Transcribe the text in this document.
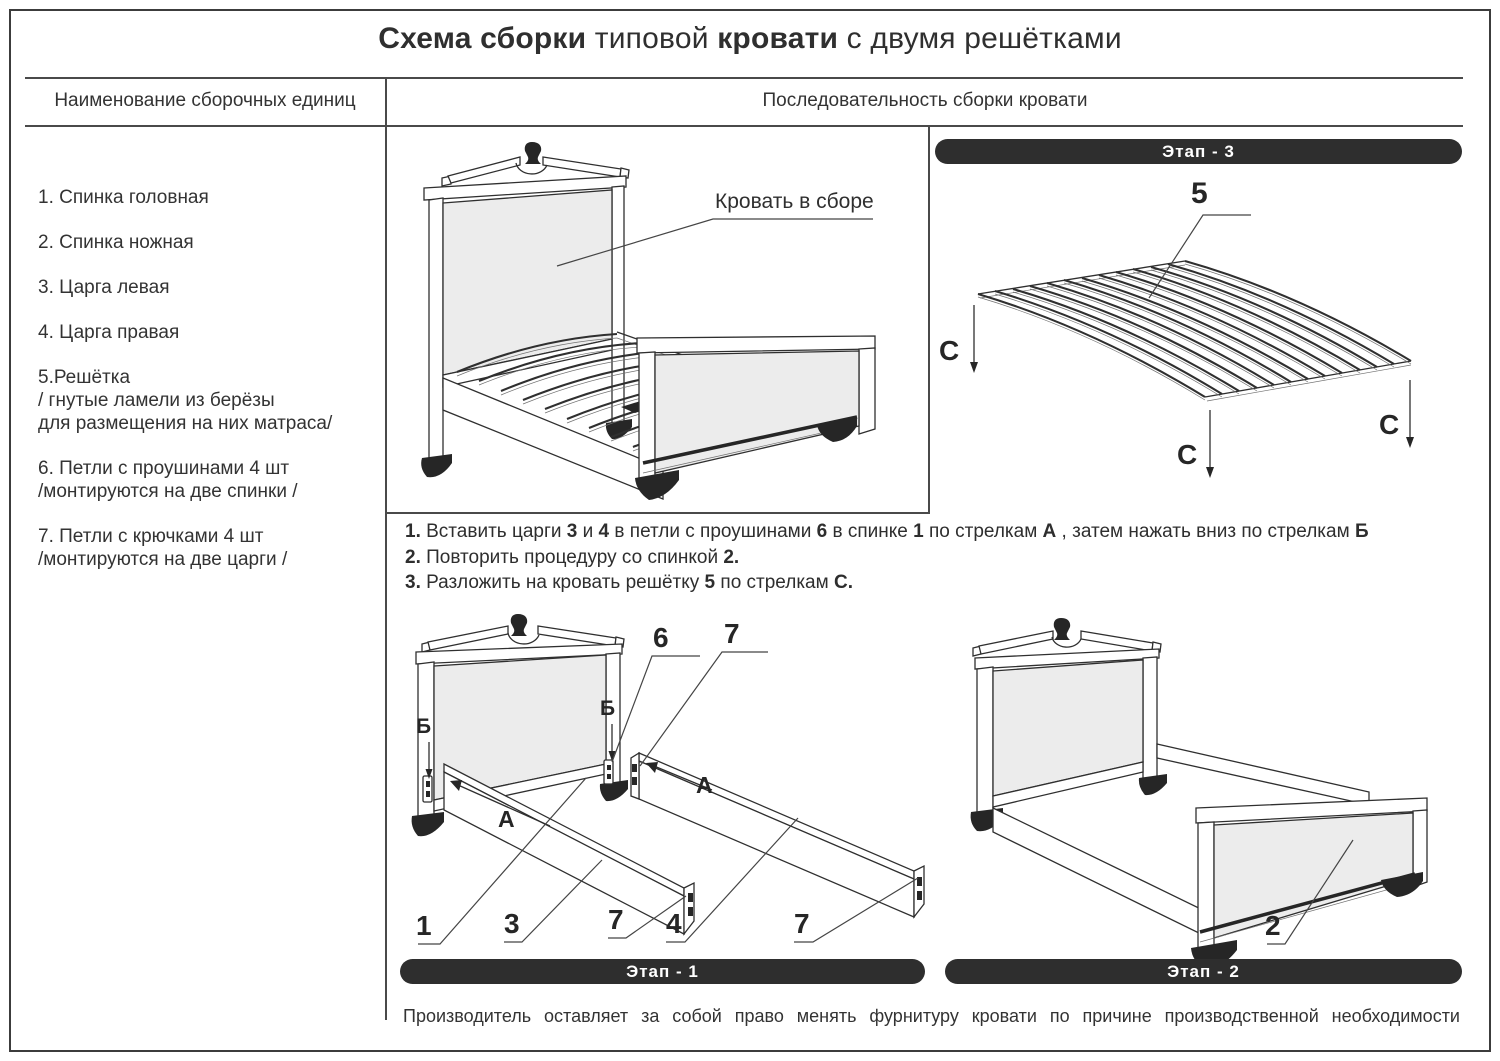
Схема сборки типовой кровати с двумя решётками
Наименование сборочных единиц	Последовательность сборки кровати
1. Спинка головная
2. Спинка ножная
3. Царга левая
4. Царга правая
5.Решётка
/ гнутые ламели из берёзы
для размещения на них матраса/
6. Петли с проушинами 4 шт
/монтируются на две спинки /
7. Петли с крючками 4 шт
/монтируются на две царги /
Кровать в сборе
Этап - 3
5
С
С
С
1. Вставить царги 3 и 4 в петли с проушинами 6 в спинке 1 по стрелкам А , затем нажать вниз по стрелкам Б
2. Повторить процедуру со спинкой 2.
3. Разложить на кровать решётку 5 по стрелкам С.
Б
Б
А
А
6 7
1	3	7 4	7
Этап - 1
2
Этап - 2
Производитель оставляет за собой право менять фурнитуру кровати по причине производственной необходимости
